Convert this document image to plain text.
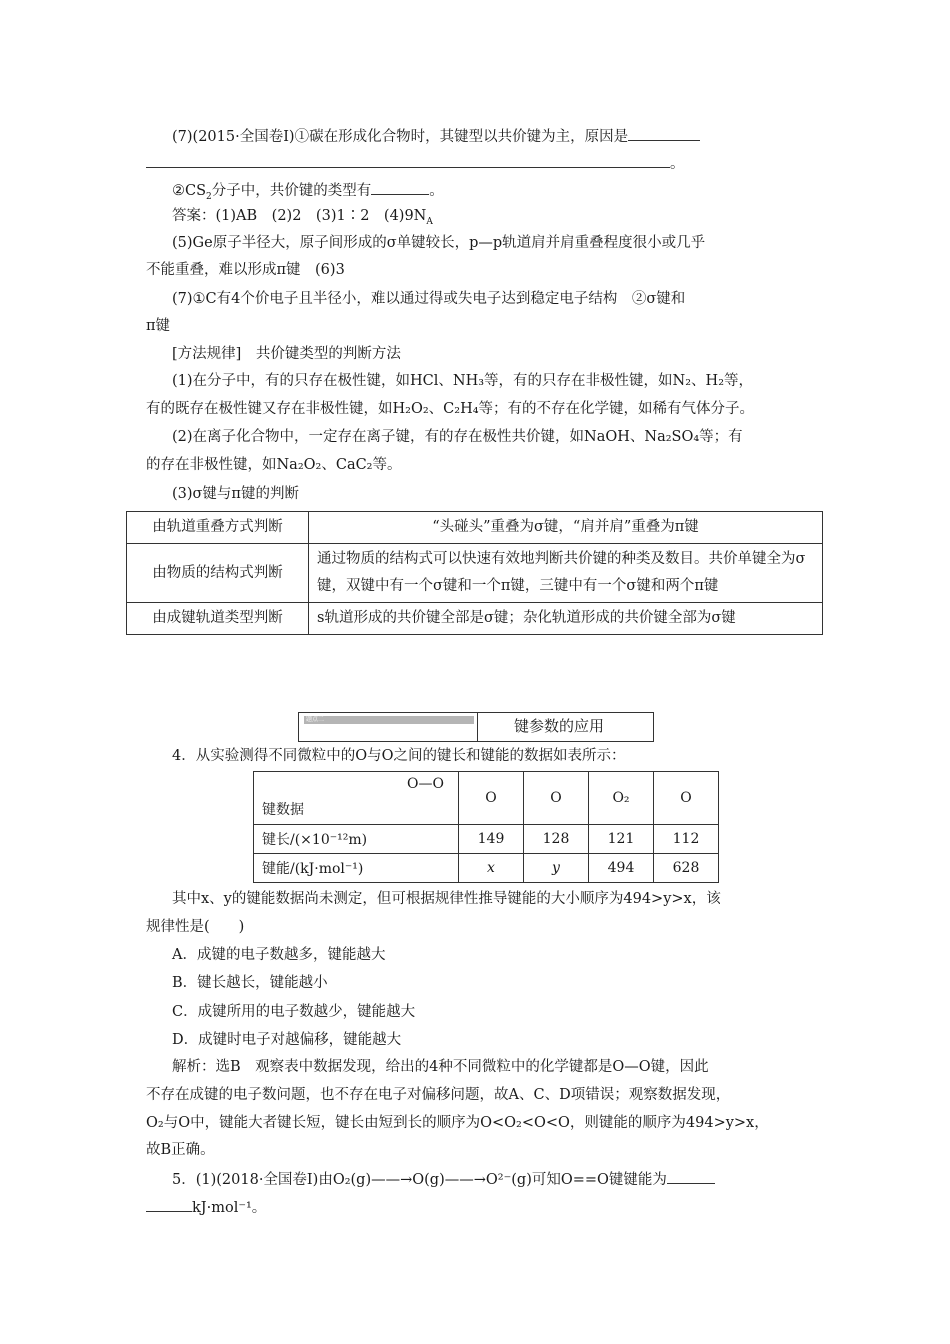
(7)(2015·全国卷Ⅰ)①碳在形成化合物时，其键型以共价键为主，原因是
。
$②CS_2$分子中，共价键的类型有	。
答案：(1)AB　(2)2　(3)1∶2　$(4)9N_A$
(5)Ge原子半径大，原子间形成的σ单键较长，p—p轨道肩并肩重叠程度很小或几乎
不能重叠，难以形成π键　(6)3
(7)①C有4个价电子且半径小，难以通过得或失电子达到稳定电子结构　②σ键和
π键
[方法规律]　共价键类型的判断方法
(1)在分子中，有的只存在极性键，如HCl、NH₃等，有的只存在非极性键，如N₂、H₂等，
有的既存在极性键又存在非极性键，如H₂O₂、C₂H₄等；有的不存在化学键，如稀有气体分子。
(2)在离子化合物中，一定存在离子键，有的存在极性共价键，如NaOH、Na₂SO₄等；有
的存在非极性键，如Na₂O₂、CaC₂等。
(3)σ键与π键的判断
由轨道重叠方式判断	“头碰头”重叠为σ键，“肩并肩”重叠为π键
由物质的结构式判断	通过物质的结构式可以快速有效地判断共价键的种类及数目。共价单键全为σ键，双键中有一个σ键和一个π键，三键中有一个σ键和两个π键
由成键轨道类型判断	s轨道形成的共价键全部是σ键；杂化轨道形成的共价键全部为σ键
题点二	键参数的应用
4．从实验测得不同微粒中的O与O之间的键长和键能的数据如表所示：
O—O
键数据	O	O	O₂	O
键长/(×10⁻¹²m)	149	128	121	112
键能/(kJ·mol⁻¹)	x	y	494	628
其中x、y的键能数据尚未测定，但可根据规律性推导键能的大小顺序为494>y>x，该
规律性是(　　)
A．成键的电子数越多，键能越大
B．键长越长，键能越小
C．成键所用的电子数越少，键能越大
D．成键时电子对越偏移，键能越大
解析：选B　观察表中数据发现，给出的4种不同微粒中的化学键都是O—O键，因此
不存在成键的电子数问题，也不存在电子对偏移问题，故A、C、D项错误；观察数据发现，
O₂与O中，键能大者键长短，键长由短到长的顺序为O<O₂<O<O，则键能的顺序为494>y>x，
故B正确。
5．(1)(2018·全国卷Ⅰ)由O₂(g)——→O(g)——→O²⁻(g)可知O==O键键能为
kJ·mol⁻¹。
